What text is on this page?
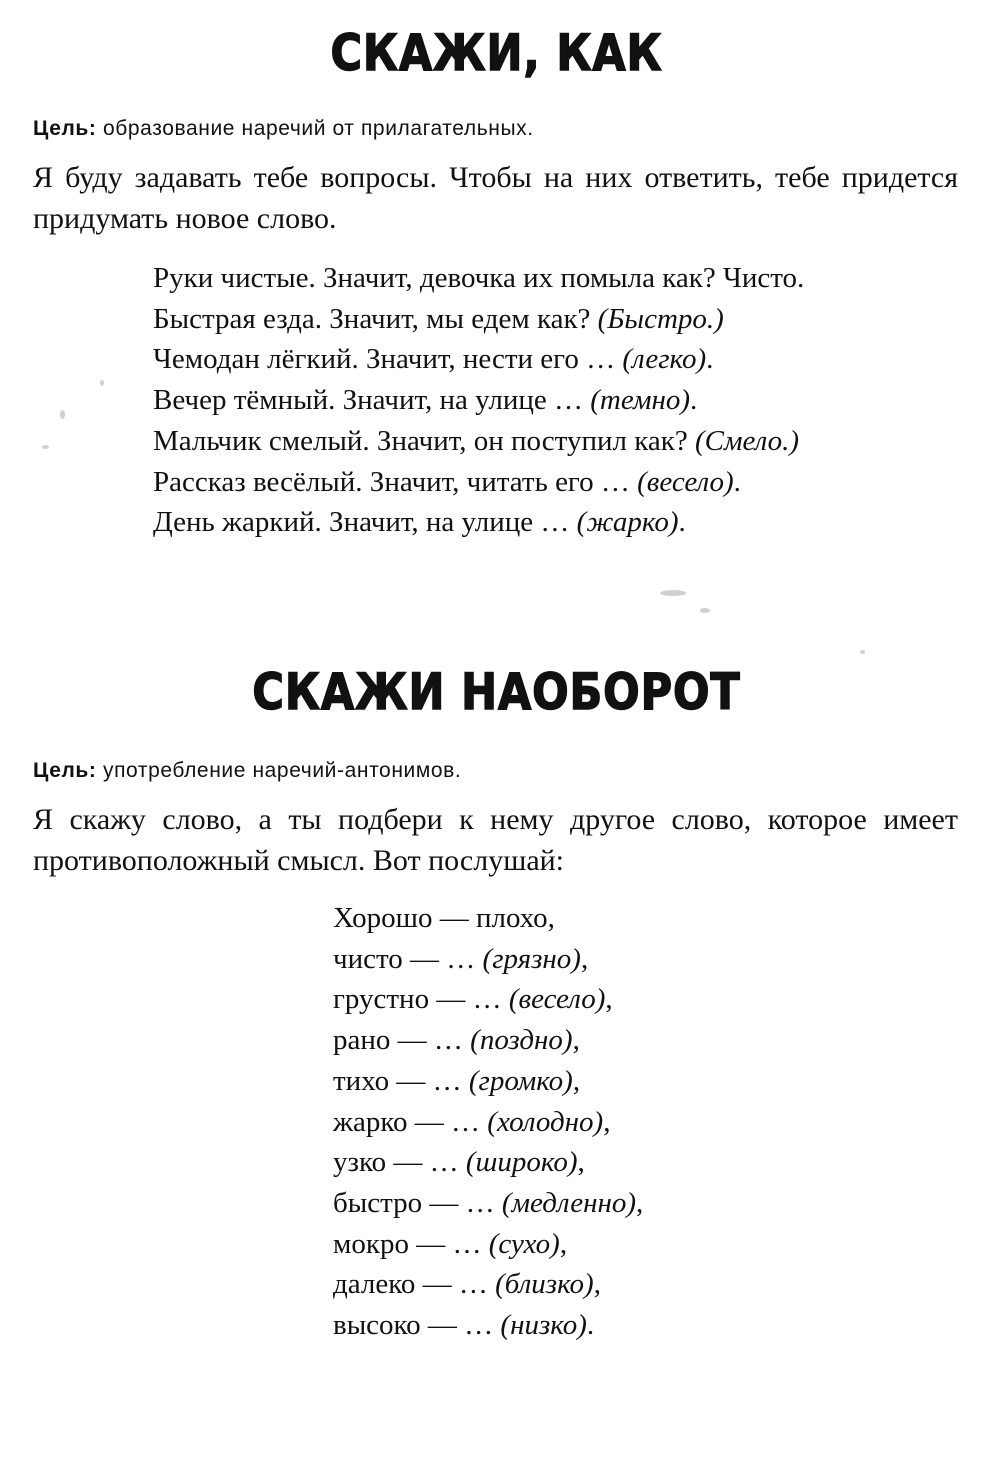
СКАЖИ, КАК
Цель: образование наречий от прилагательных.
Я буду задавать тебе вопросы. Чтобы на них ответить, тебе придется придумать новое слово.
Руки чистые. Значит, девочка их помыла как? Чисто.
Быстрая езда. Значит, мы едем как? (Быстро.)
Чемодан лёгкий. Значит, нести его … (легко).
Вечер тёмный. Значит, на улице … (темно).
Мальчик смелый. Значит, он поступил как? (Смело.)
Рассказ весёлый. Значит, читать его … (весело).
День жаркий. Значит, на улице … (жарко).
СКАЖИ НАОБОРОТ
Цель: употребление наречий-антонимов.
Я скажу слово, а ты подбери к нему другое слово, которое имеет противоположный смысл. Вот послушай:
Хорошо — плохо,
чисто — … (грязно),
грустно — … (весело),
рано — … (поздно),
тихо — … (громко),
жарко — … (холодно),
узко — … (широко),
быстро — … (медленно),
мокро — … (сухо),
далеко — … (близко),
высоко — … (низко).
